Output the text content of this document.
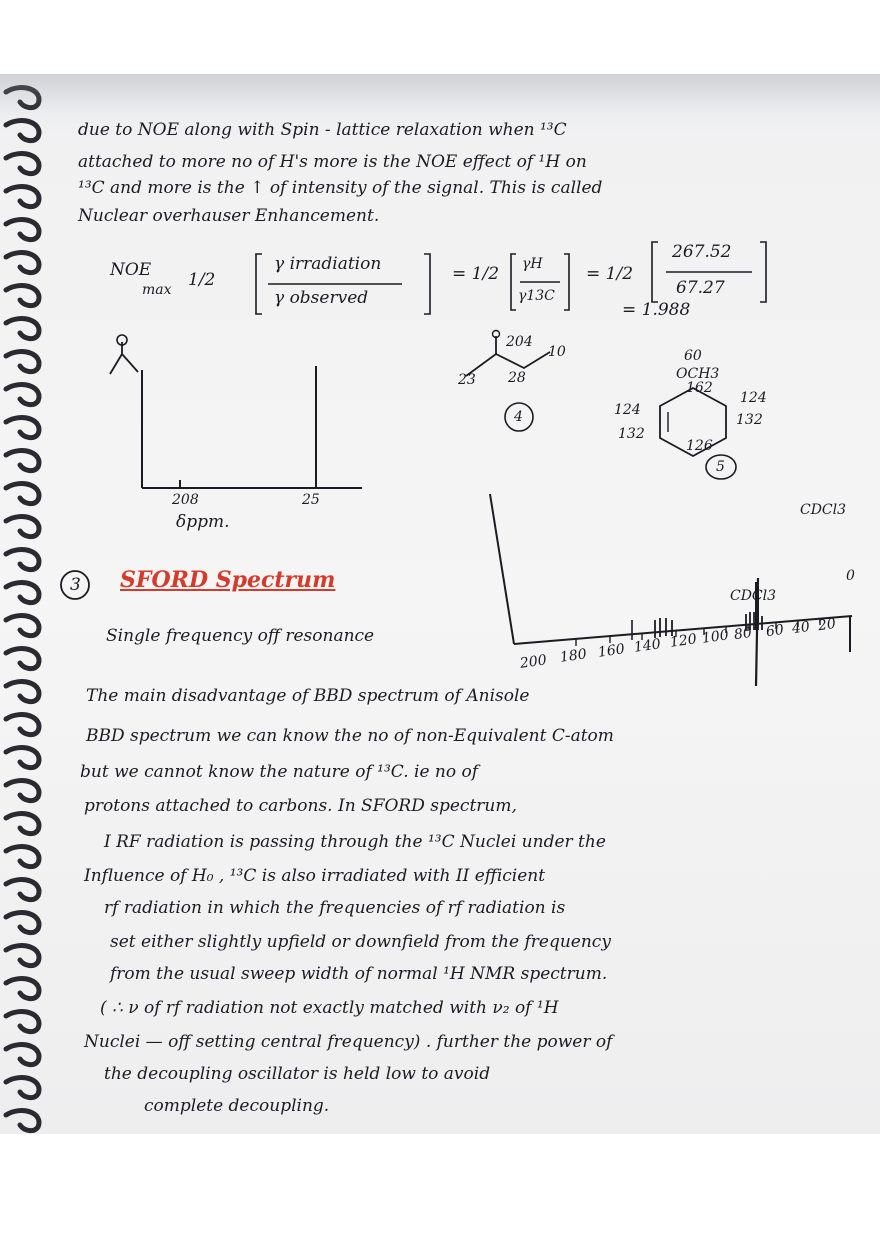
due to NOE along with Spin - lattice relaxation when ¹³C

attached to more no of H's more is the NOE effect of ¹H on

¹³C and more is the ↑ of intensity of the signal. This is called

Nuclear overhauser Enhancement.

NOE

max 1/2

γ irradiation

γ observed

= 1/2 γH

γ13C

= 1/2

267.52

67.27

= 1.988

208	25

δppm.

204

23 28

10

4

60

OCH3

162

124

124

132

132

126

5

CDCl3

CDCl3

0

200 180 160 140 120 100 80 60 40 20

3 SFORD Spectrum

Single frequency off resonance

The main disadvantage of BBD spectrum of Anisole

BBD spectrum we can know the no of non-Equivalent C-atom

but we cannot know the nature of ¹³C. ie no of

protons attached to carbons. In SFORD spectrum,

I RF radiation is passing through the ¹³C Nuclei under the

Influence of H₀ , ¹³C is also irradiated with II efficient

rf radiation in which the frequencies of rf radiation is

set either slightly upfield or downfield from the frequency

from the usual sweep width of normal ¹H NMR spectrum.

( ∴ ν of rf radiation not exactly matched with ν₂ of ¹H

Nuclei — off setting central frequency) . further the power of

the decoupling oscillator is held low to avoid

complete decoupling.
